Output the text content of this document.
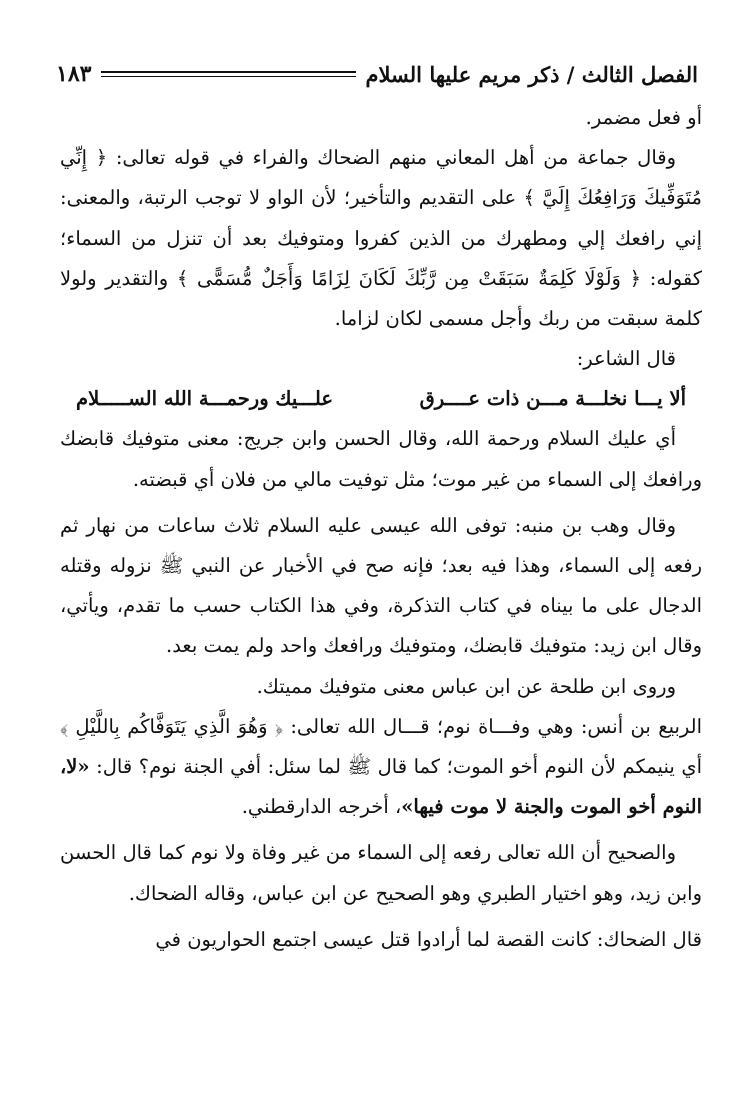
الفصل الثالث / ذكر مريم عليها السلام
١٨٣

أو فعل مضمر.

وقال جماعة من أهل المعاني منهم الضحاك والفراء في قوله تعالى: ﴿ إِنِّي مُتَوَفِّيكَ وَرَافِعُكَ إِلَيَّ ﴾ على التقديم والتأخير؛ لأن الواو لا توجب الرتبة، والمعنى: إني رافعك إلي ومطهرك من الذين كفروا ومتوفيك بعد أن تنزل من السماء؛ كقوله: ﴿ وَلَوْلَا كَلِمَةٌ سَبَقَتْ مِن رَّبِّكَ لَكَانَ لِزَامًا وَأَجَلٌ مُّسَمًّى ﴾ والتقدير ولولا كلمة سبقت من ربك وأجل مسمى لكان لزاما.

قال الشاعر:

ألا يـــا نخلـــة مـــن ذات عــــرق
علـــيك ورحمـــة الله الســـــلام

أي عليك السلام ورحمة الله، وقال الحسن وابن جريج: معنى متوفيك قابضك ورافعك إلى السماء من غير موت؛ مثل توفيت مالي من فلان أي قبضته.

وقال وهب بن منبه: توفى الله عيسى عليه السلام ثلاث ساعات من نهار ثم رفعه إلى السماء، وهذا فيه بعد؛ فإنه صح في الأخبار عن النبي ﷺ نزوله وقتله الدجال على ما بيناه في كتاب التذكرة، وفي هذا الكتاب حسب ما تقدم، ويأتي، وقال ابن زيد: متوفيك قابضك، ومتوفيك ورافعك واحد ولم يمت بعد.

وروى ابن طلحة عن ابن عباس معنى متوفيك مميتك.

الربيع بن أنس: وهي وفـــاة نوم؛ قـــال الله تعالى: ﴿ وَهُوَ الَّذِي يَتَوَفَّاكُم بِاللَّيْلِ ﴾ أي ينيمكم لأن النوم أخو الموت؛ كما قال ﷺ لما سئل: أفي الجنة نوم؟ قال: «لا، النوم أخو الموت والجنة لا موت فيها»، أخرجه الدارقطني.

والصحيح أن الله تعالى رفعه إلى السماء من غير وفاة ولا نوم كما قال الحسن وابن زيد، وهو اختيار الطبري وهو الصحيح عن ابن عباس، وقاله الضحاك.

قال الضحاك: كانت القصة لما أرادوا قتل عيسى اجتمع الحواريون في
